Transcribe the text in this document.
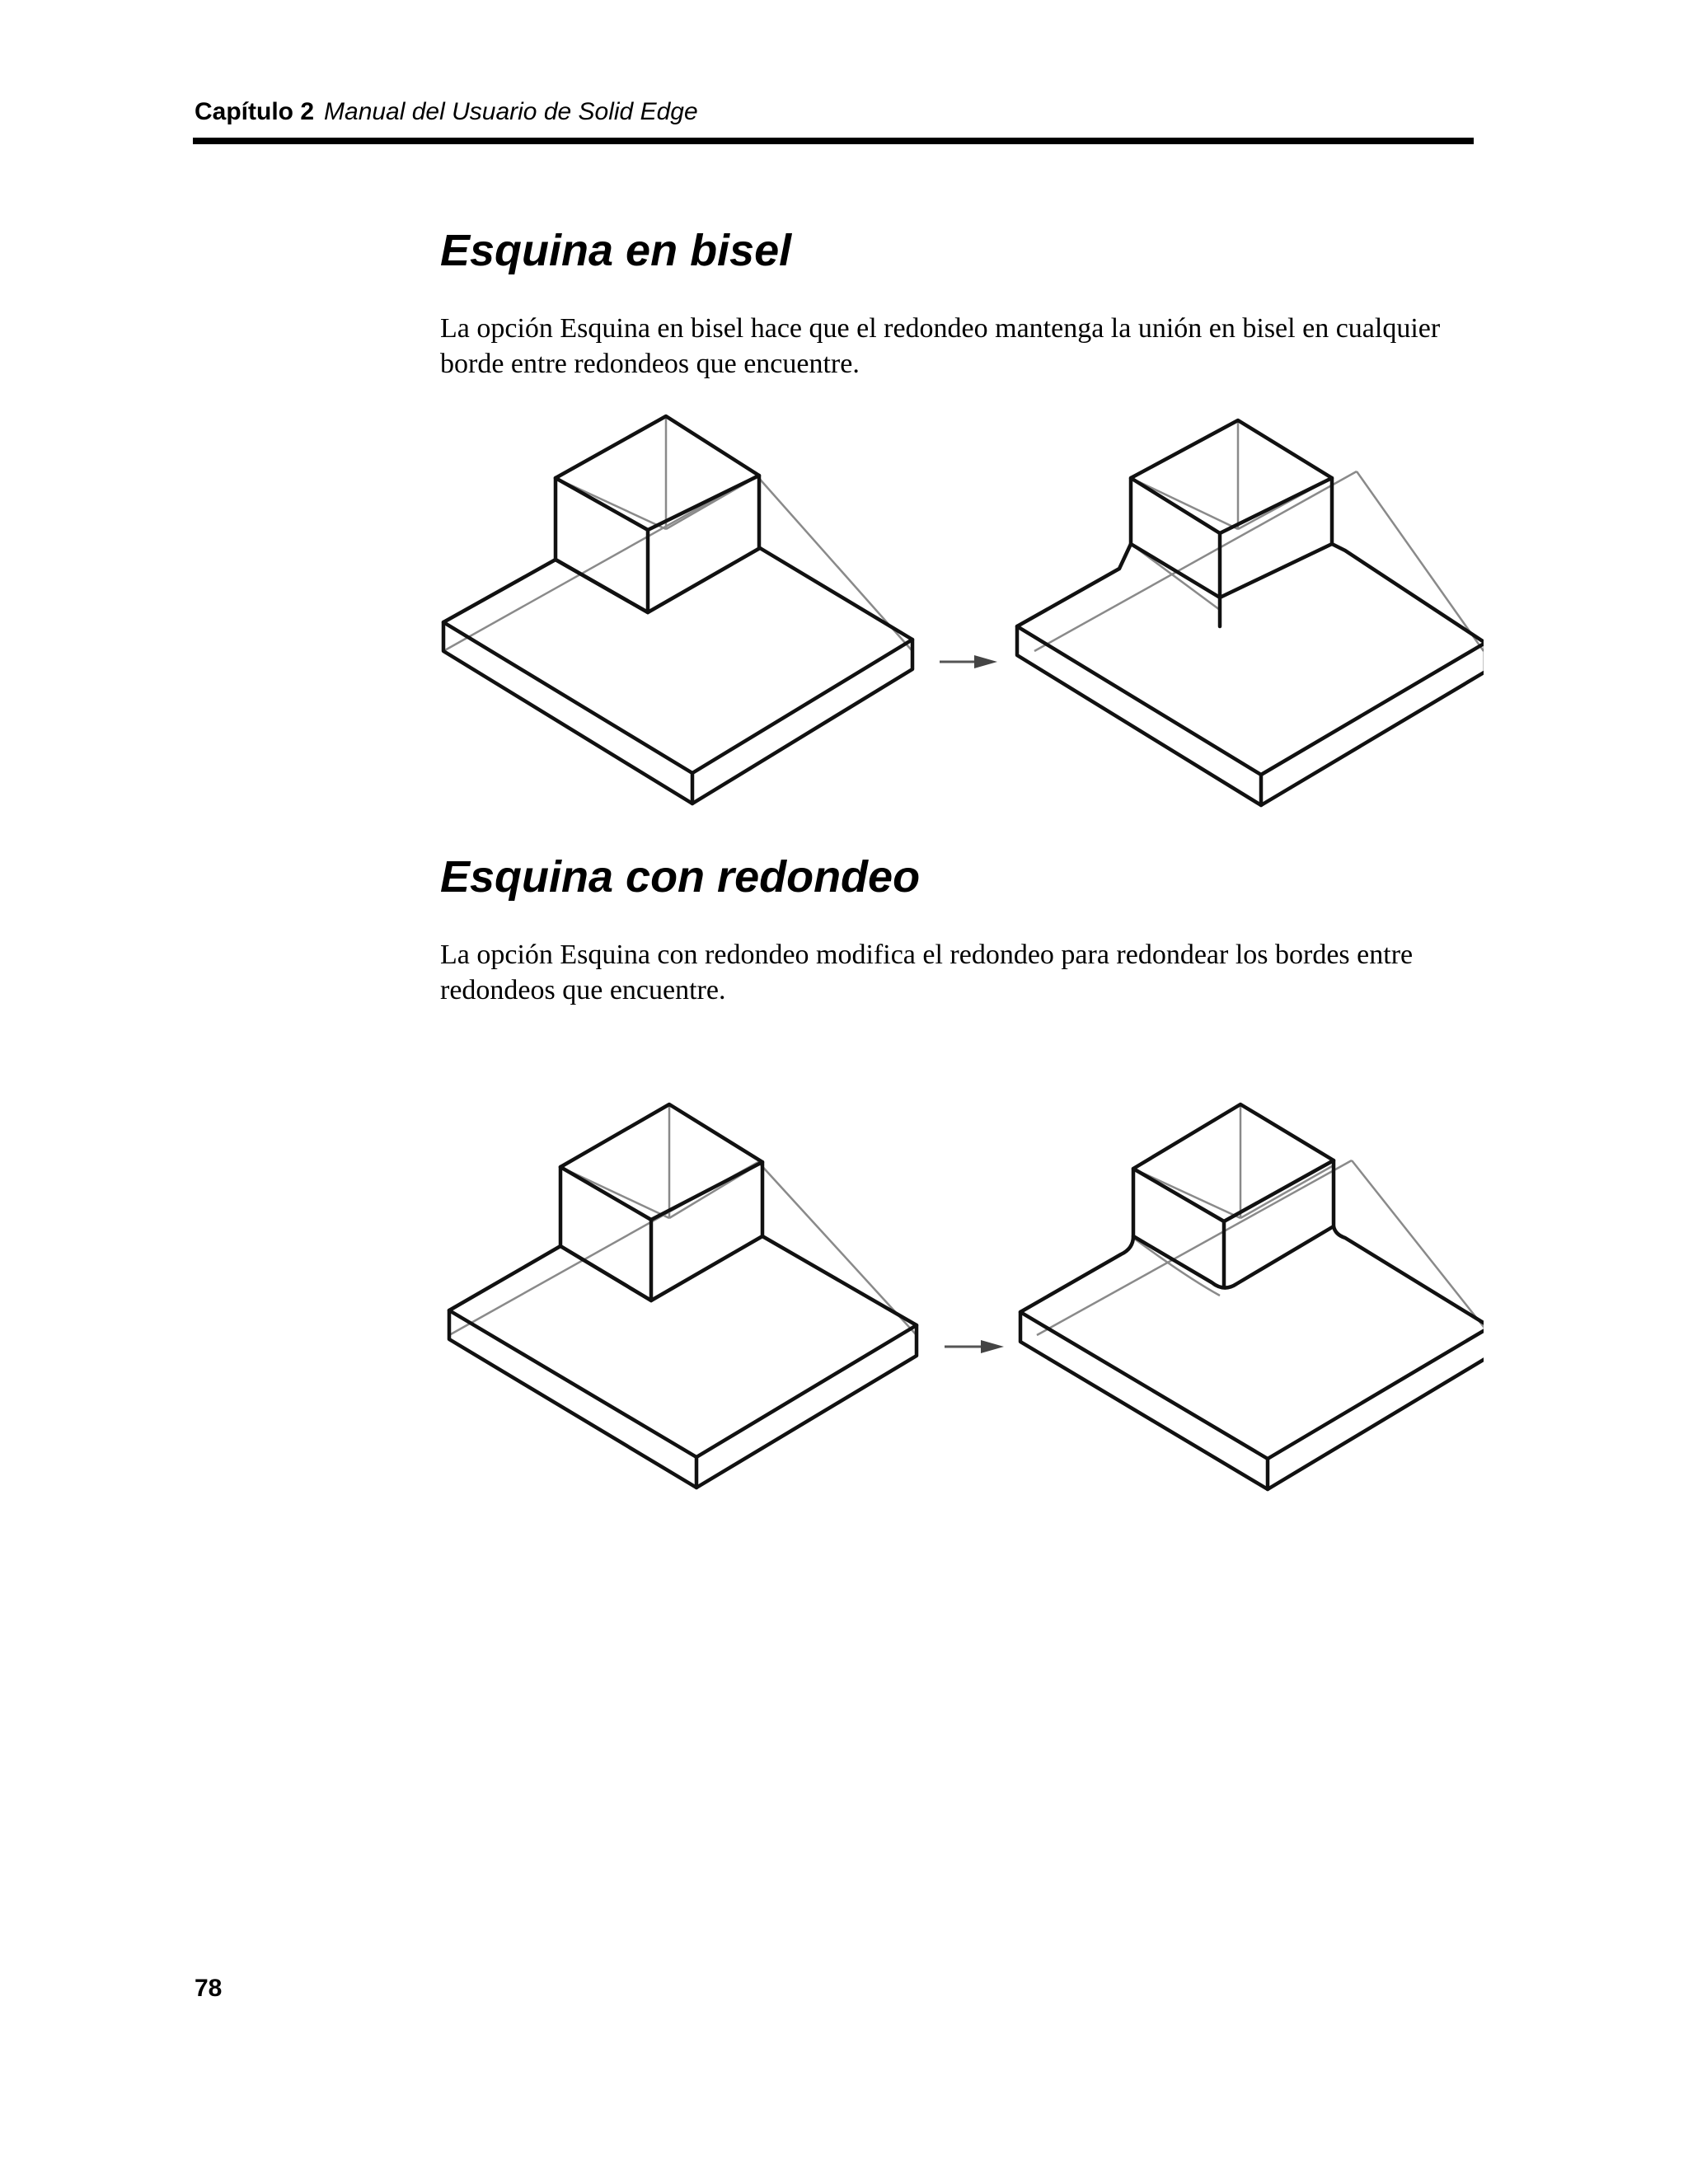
Capítulo 2 Manual del Usuario de Solid Edge
Esquina en bisel

La opción Esquina en bisel hace que el redondeo mantenga la unión en bisel en cualquier borde entre redondeos que encuentre.

Esquina con redondeo

La opción Esquina con redondeo modifica el redondeo para redondear los bordes entre redondeos que encuentre.

78
